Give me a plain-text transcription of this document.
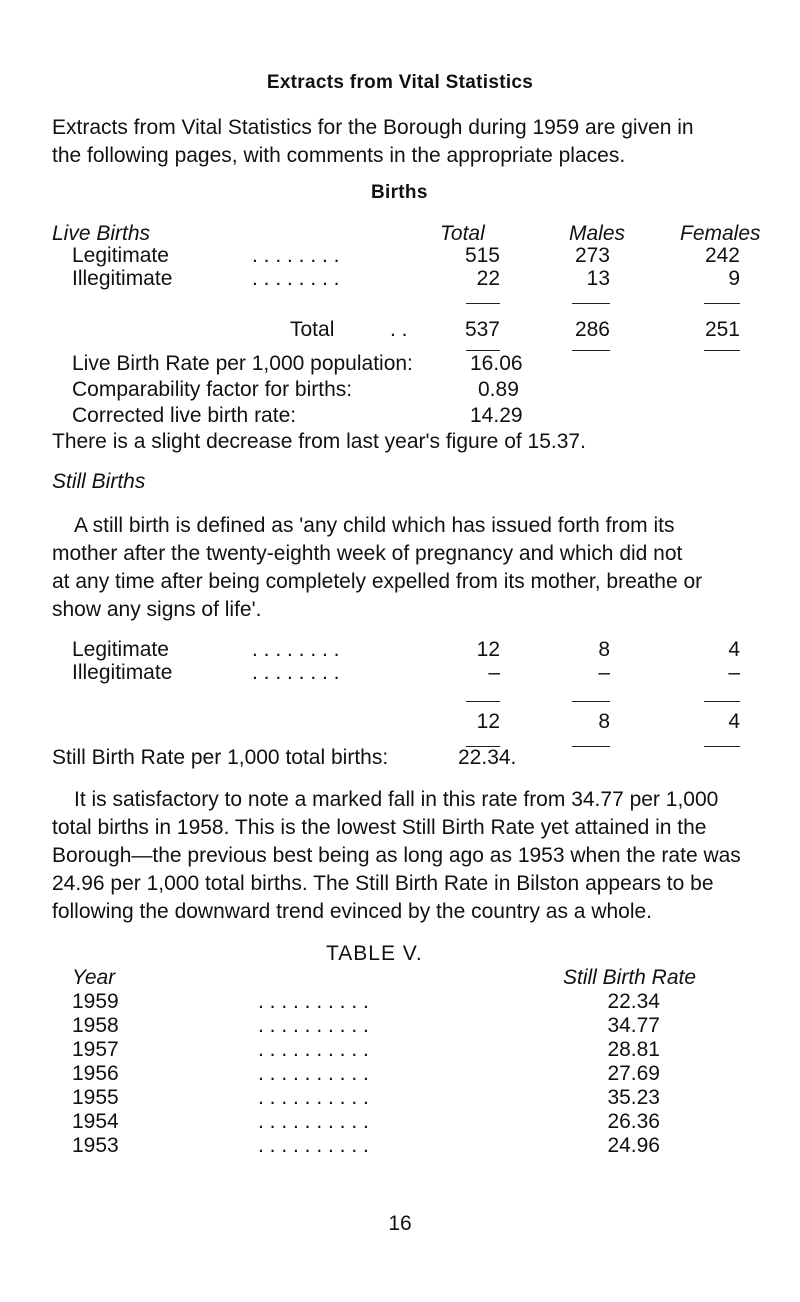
Extracts from Vital Statistics
Extracts from Vital Statistics for the Borough during 1959 are given in
the following pages, with comments in the appropriate places.
Births
Live Births	Total	Males	Females
Legitimate	. . . . . . . .	515	273	242
Illegitimate	. . . . . . . .	22	13	9
Total	. .	537	286	251
Live Birth Rate per 1,000 population:	16.06
Comparability factor for births:	0.89
Corrected live birth rate:	14.29
There is a slight decrease from last year's figure of 15.37.
Still Births
A still birth is defined as 'any child which has issued forth from its
mother after the twenty-eighth week of pregnancy and which did not
at any time after being completely expelled from its mother, breathe or
show any signs of life'.
Legitimate	. . . . . . . .	12	8	4
Illegitimate	. . . . . . . .	–	–	–
12	8	4
Still Birth Rate per 1,000 total births:	22.34.
It is satisfactory to note a marked fall in this rate from 34.77 per 1,000
total births in 1958. This is the lowest Still Birth Rate yet attained in the
Borough—the previous best being as long ago as 1953 when the rate was
24.96 per 1,000 total births. The Still Birth Rate in Bilston appears to be
following the downward trend evinced by the country as a whole.
TABLE V.
Year	Still Birth Rate
1959	. . . . . . . . . .	22.34
1958	. . . . . . . . . .	34.77
1957	. . . . . . . . . .	28.81
1956	. . . . . . . . . .	27.69
1955	. . . . . . . . . .	35.23
1954	. . . . . . . . . .	26.36
1953	. . . . . . . . . .	24.96
16
